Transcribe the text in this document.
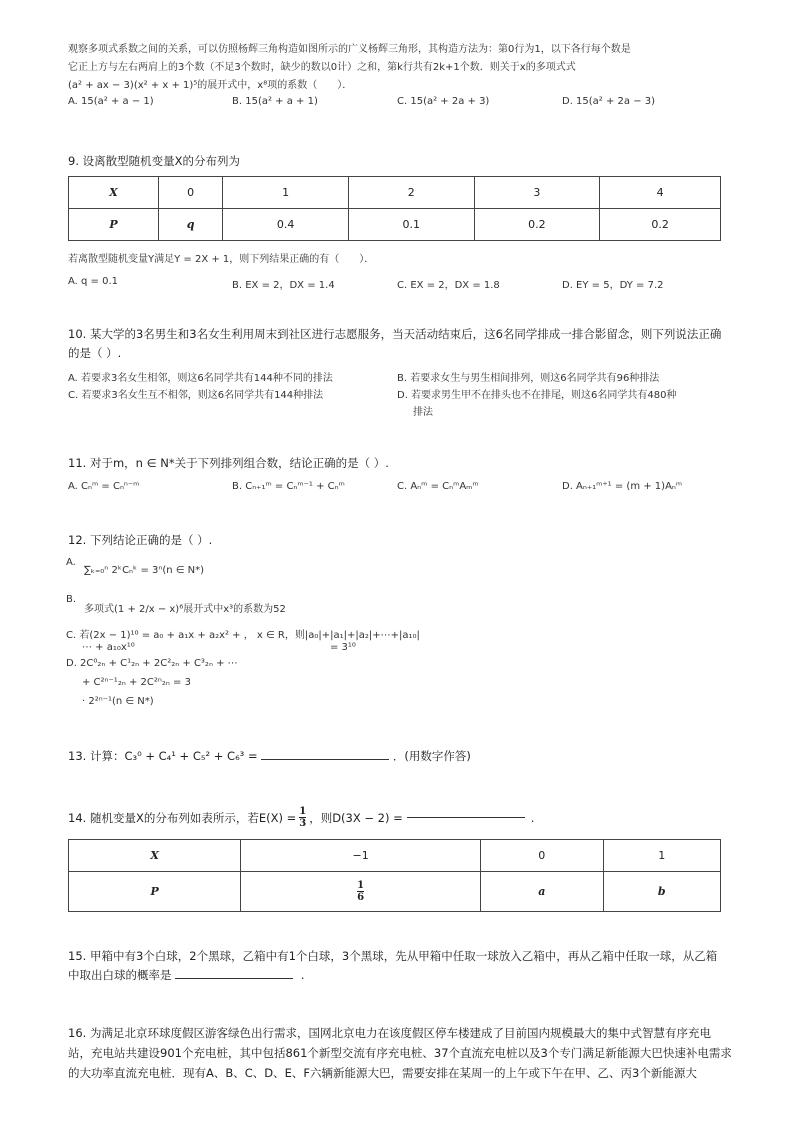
观察多项式系数之间的关系，可以仿照杨辉三角构造如图所示的广义杨辉三角形，其构造方法为：第0行为1，以下各行每个数是
它正上方与左右两肩上的3个数（不足3个数时，缺少的数以0计）之和，第k行共有2k+1个数．则关于x的多项式式
(a² + ax − 3)(x² + x + 1)⁵的展开式中，x⁸项的系数（　　）．
A. 15(a² + a − 1)	B. 15(a² + a + 1)	C. 15(a² + 2a + 3)	D. 15(a² + 2a − 3)
9. 设离散型随机变量X的分布列为
X	0	1	2	3	4
P	q	0.4	0.1	0.2	0.2
若离散型随机变量Y满足Y = 2X + 1，则下列结果正确的有（　　）．
A. q = 0.1	B. EX = 2，DX = 1.4	C. EX = 2，DX = 1.8	D. EY = 5，DY = 7.2
10. 某大学的3名男生和3名女生利用周末到社区进行志愿服务，当天活动结束后，这6名同学排成一排合影留念，则下列说法正确
的是（ ）.
A. 若要求3名女生相邻，则这6名同学共有144种不同的排法	B. 若要求女生与男生相间排列，则这6名同学共有96种排法
C. 若要求3名女生互不相邻，则这6名同学共有144种排法	D. 若要求男生甲不在排头也不在排尾，则这6名同学共有480种
排法
11. 对于m，n ∈ N*关于下列排列组合数，结论正确的是（ ）.
A. Cₙᵐ = Cₙⁿ⁻ᵐ	B. Cₙ₊₁ᵐ = Cₙᵐ⁻¹ + Cₙᵐ	C. Aₙᵐ = CₙᵐAₘᵐ	D. Aₙ₊₁ᵐ⁺¹ = (m + 1)Aₙᵐ
12. 下列结论正确的是（ ）.
A.
∑ₖ₌₀ⁿ 2ᵏCₙᵏ = 3ⁿ(n ∈ N*)
B.
多项式(1 + 2/x − x)⁶展开式中x³的系数为52
C. 若(2x − 1)¹⁰ = a₀ + a₁x + a₂x² + ， x ∈ R，则|a₀|+|a₁|+|a₂|+⋯+|a₁₀|
⋯ + a₁₀x¹⁰	= 3¹⁰
D. 2C⁰₂ₙ + C¹₂ₙ + 2C²₂ₙ + C³₂ₙ + ⋯
+ C²ⁿ⁻¹₂ₙ + 2C²ⁿ₂ₙ = 3
· 2²ⁿ⁻¹(n ∈ N*)
13. 计算：C₃⁰ + C₄¹ + C₅² + C₆³ =	．(用数字作答)
14. 随机变量X的分布列如表所示，若$E(X) = \frac{1}{3}$ ，则D(3X − 2) =	.
X	−1	0	1
P	$\frac{1}{6}$	a	b
15. 甲箱中有3个白球，2个黑球，乙箱中有1个白球，3个黑球，先从甲箱中任取一球放入乙箱中，再从乙箱中任取一球，从乙箱
中取出白球的概率是	.
16. 为满足北京环球度假区游客绿色出行需求，国网北京电力在该度假区停车楼建成了目前国内规模最大的集中式智慧有序充电
站，充电站共建设901个充电桩，其中包括861个新型交流有序充电桩、37个直流充电桩以及3个专门满足新能源大巴快速补电需求
的大功率直流充电桩．现有A、B、C、D、E、F六辆新能源大巴，需要安排在某周一的上午或下午在甲、乙、丙3个新能源大
